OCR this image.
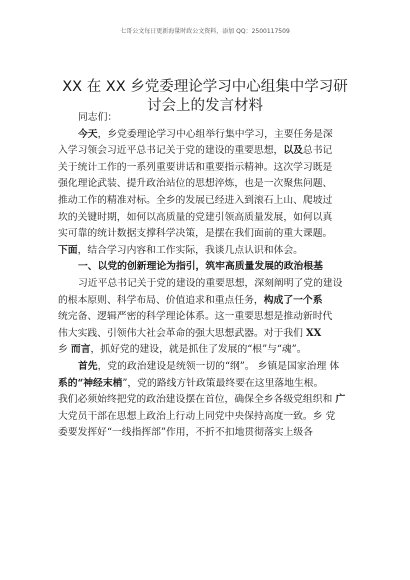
七哥公文每日更新海量时政公文资料，添加 QQ：2500117509
XX 在 XX 乡党委理论学习中心组集中学习研
讨会上的发言材料
同志们：
今天，乡党委理论学习中心组举行集中学习，主要任务是深
入学习领会习近平总书记关于党的建设的重要思想，以及总书记
关于统计工作的一系列重要讲话和重要指示精神。这次学习既是
强化理论武装、提升政治站位的思想淬炼，也是一次聚焦问题、
推动工作的精准对标。全乡的发展已经进入到滚石上山、爬坡过
坎的关键时期，如何以高质量的党建引领高质量发展，如何以真
实可靠的统计数据支撑科学决策，是摆在我们面前的重大课题。
下面，结合学习内容和工作实际，我谈几点认识和体会。
一、以党的创新理论为指引，筑牢高质量发展的政治根基
习近平总书记关于党的建设的重要思想，深刻阐明了党的建设
的根本原则、科学布局、价值追求和重点任务，构成了一个系
统完备、逻辑严密的科学理论体系。这一重要思想是推动新时代
伟大实践、引领伟大社会革命的强大思想武器。对于我们 XX
乡 而言，抓好党的建设，就是抓住了发展的“根”与“魂”。
首先，党的政治建设是统领一切的“纲”。 乡镇是国家治理 体
系的“神经末梢”，党的路线方针政策最终要在这里落地生根。
我们必须始终把党的政治建设摆在首位，确保全乡各级党组织和 广
大党员干部在思想上政治上行动上同党中央保持高度一致。乡 党
委要发挥好“一线指挥部”作用，不折不扣地贯彻落实上级各
